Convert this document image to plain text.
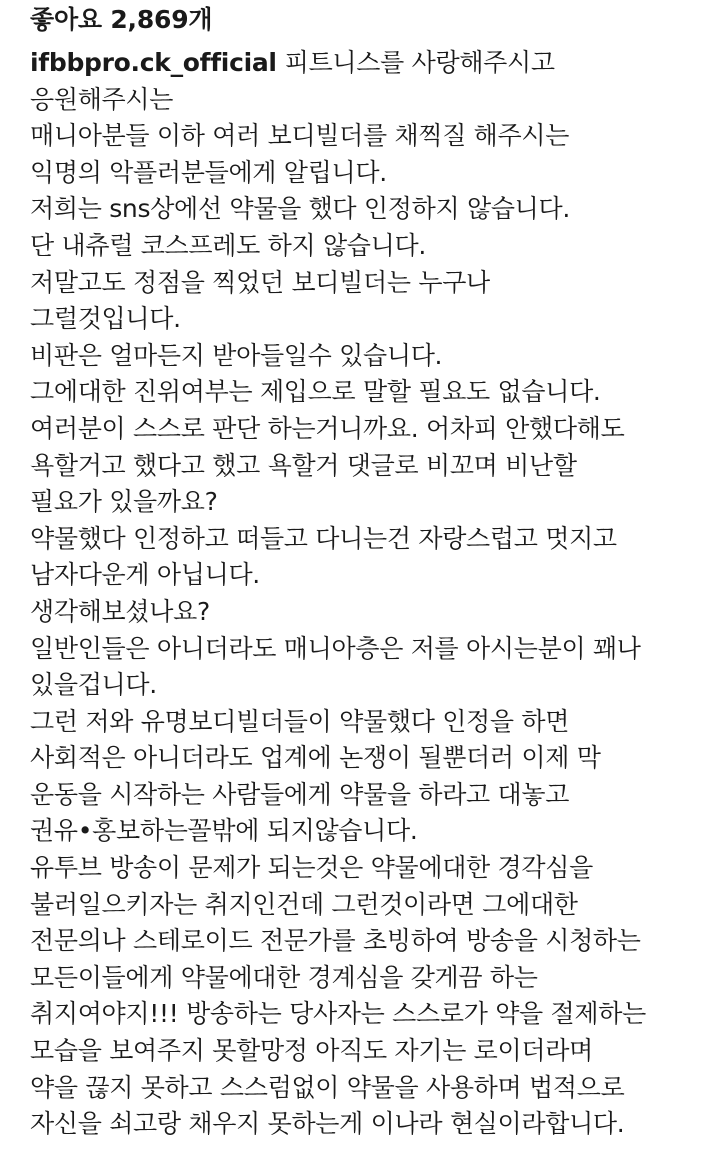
좋아요 2,869개
ifbbpro.ck_official 피트니스를 사랑해주시고
응원해주시는
매니아분들 이하 여러 보디빌더를 채찍질 해주시는
익명의 악플러분들에게 알립니다.
저희는 sns상에선 약물을 했다 인정하지 않습니다.
단 내츄럴 코스프레도 하지 않습니다.
저말고도 정점을 찍었던 보디빌더는 누구나
그럴것입니다.
비판은 얼마든지 받아들일수 있습니다.
그에대한 진위여부는 제입으로 말할 필요도 없습니다.
여러분이 스스로 판단 하는거니까요. 어차피 안했다해도
욕할거고 했다고 했고 욕할거 댓글로 비꼬며 비난할
필요가 있을까요?
약물했다 인정하고 떠들고 다니는건 자랑스럽고 멋지고
남자다운게 아닙니다.
생각해보셨나요?
일반인들은 아니더라도 매니아층은 저를 아시는분이 꽤나
있을겁니다.
그런 저와 유명보디빌더들이 약물했다 인정을 하면
사회적은 아니더라도 업계에 논쟁이 될뿐더러 이제 막
운동을 시작하는 사람들에게 약물을 하라고 대놓고
권유•홍보하는꼴밖에 되지않습니다.
유투브 방송이 문제가 되는것은 약물에대한 경각심을
불러일으키자는 취지인건데 그런것이라면 그에대한
전문의나 스테로이드 전문가를 초빙하여 방송을 시청하는
모든이들에게 약물에대한 경계심을 갖게끔 하는
취지여야지!!! 방송하는 당사자는 스스로가 약을 절제하는
모습을 보여주지 못할망정 아직도 자기는 로이더라며
약을 끊지 못하고 스스럼없이 약물을 사용하며 법적으로
자신을 쇠고랑 채우지 못하는게 이나라 현실이라합니다.
